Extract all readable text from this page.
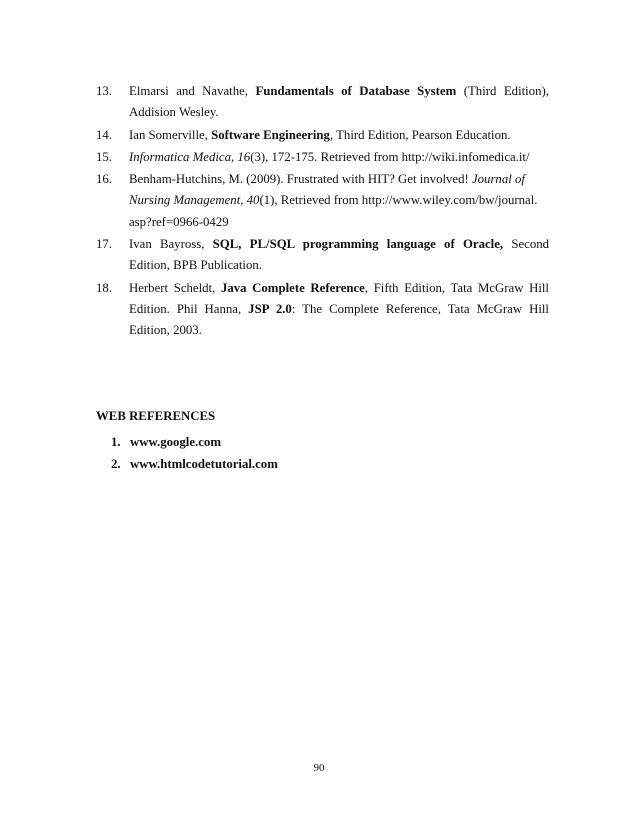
13. Elmarsi and Navathe, Fundamentals of Database System (Third Edition), Addision Wesley.
14. Ian Somerville, Software Engineering, Third Edition, Pearson Education.
15. Informatica Medica, 16(3), 172-175. Retrieved from http://wiki.infomedica.it/
16. Benham-Hutchins, M. (2009). Frustrated with HIT? Get involved! Journal of Nursing Management, 40(1), Retrieved from http://www.wiley.com/bw/journal. asp?ref=0966-0429
17. Ivan Bayross, SQL, PL/SQL programming language of Oracle, Second Edition, BPB Publication.
18. Herbert Scheldt, Java Complete Reference, Fifth Edition, Tata McGraw Hill Edition. Phil Hanna, JSP 2.0: The Complete Reference, Tata McGraw Hill Edition, 2003.
WEB REFERENCES
1. www.google.com
2. www.htmlcodetutorial.com
90
